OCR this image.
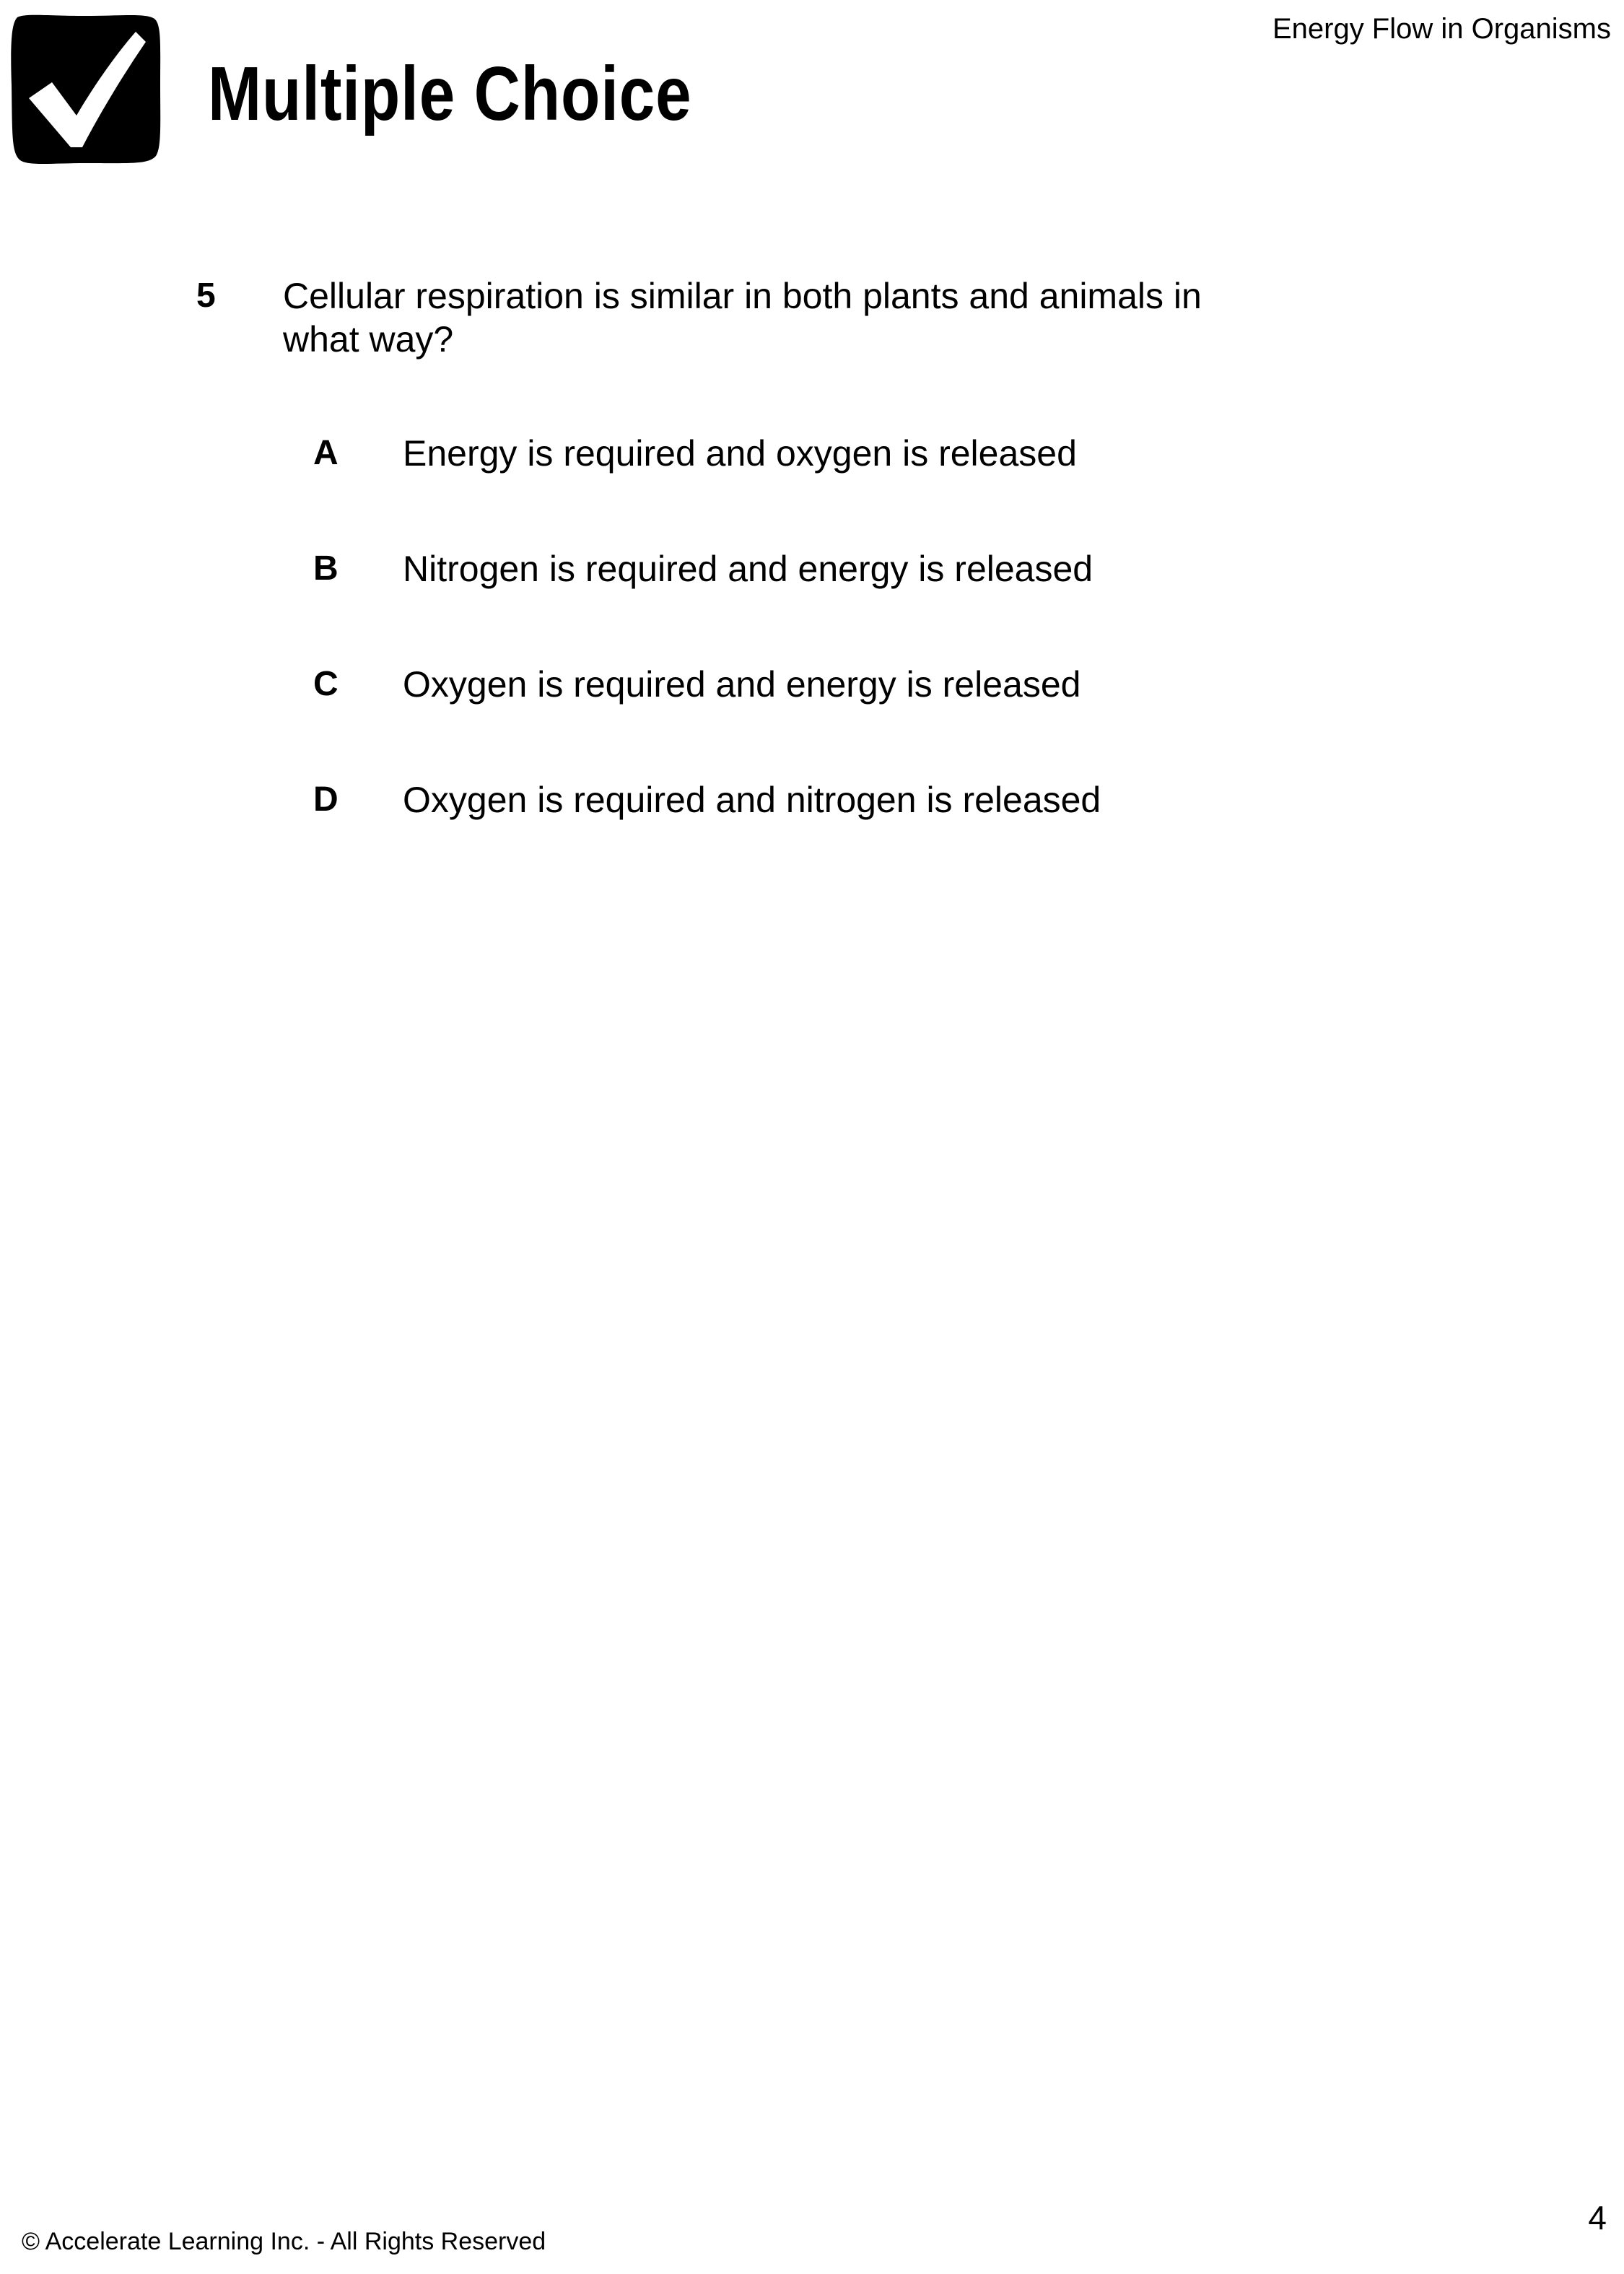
Energy Flow in Organisms
Multiple Choice
5	Cellular respiration is similar in both plants and animals in what way?
A	Energy is required and oxygen is released
B	Nitrogen is required and energy is released
C	Oxygen is required and energy is released
D	Oxygen is required and nitrogen is released
© Accelerate Learning Inc. - All Rights Reserved
4
